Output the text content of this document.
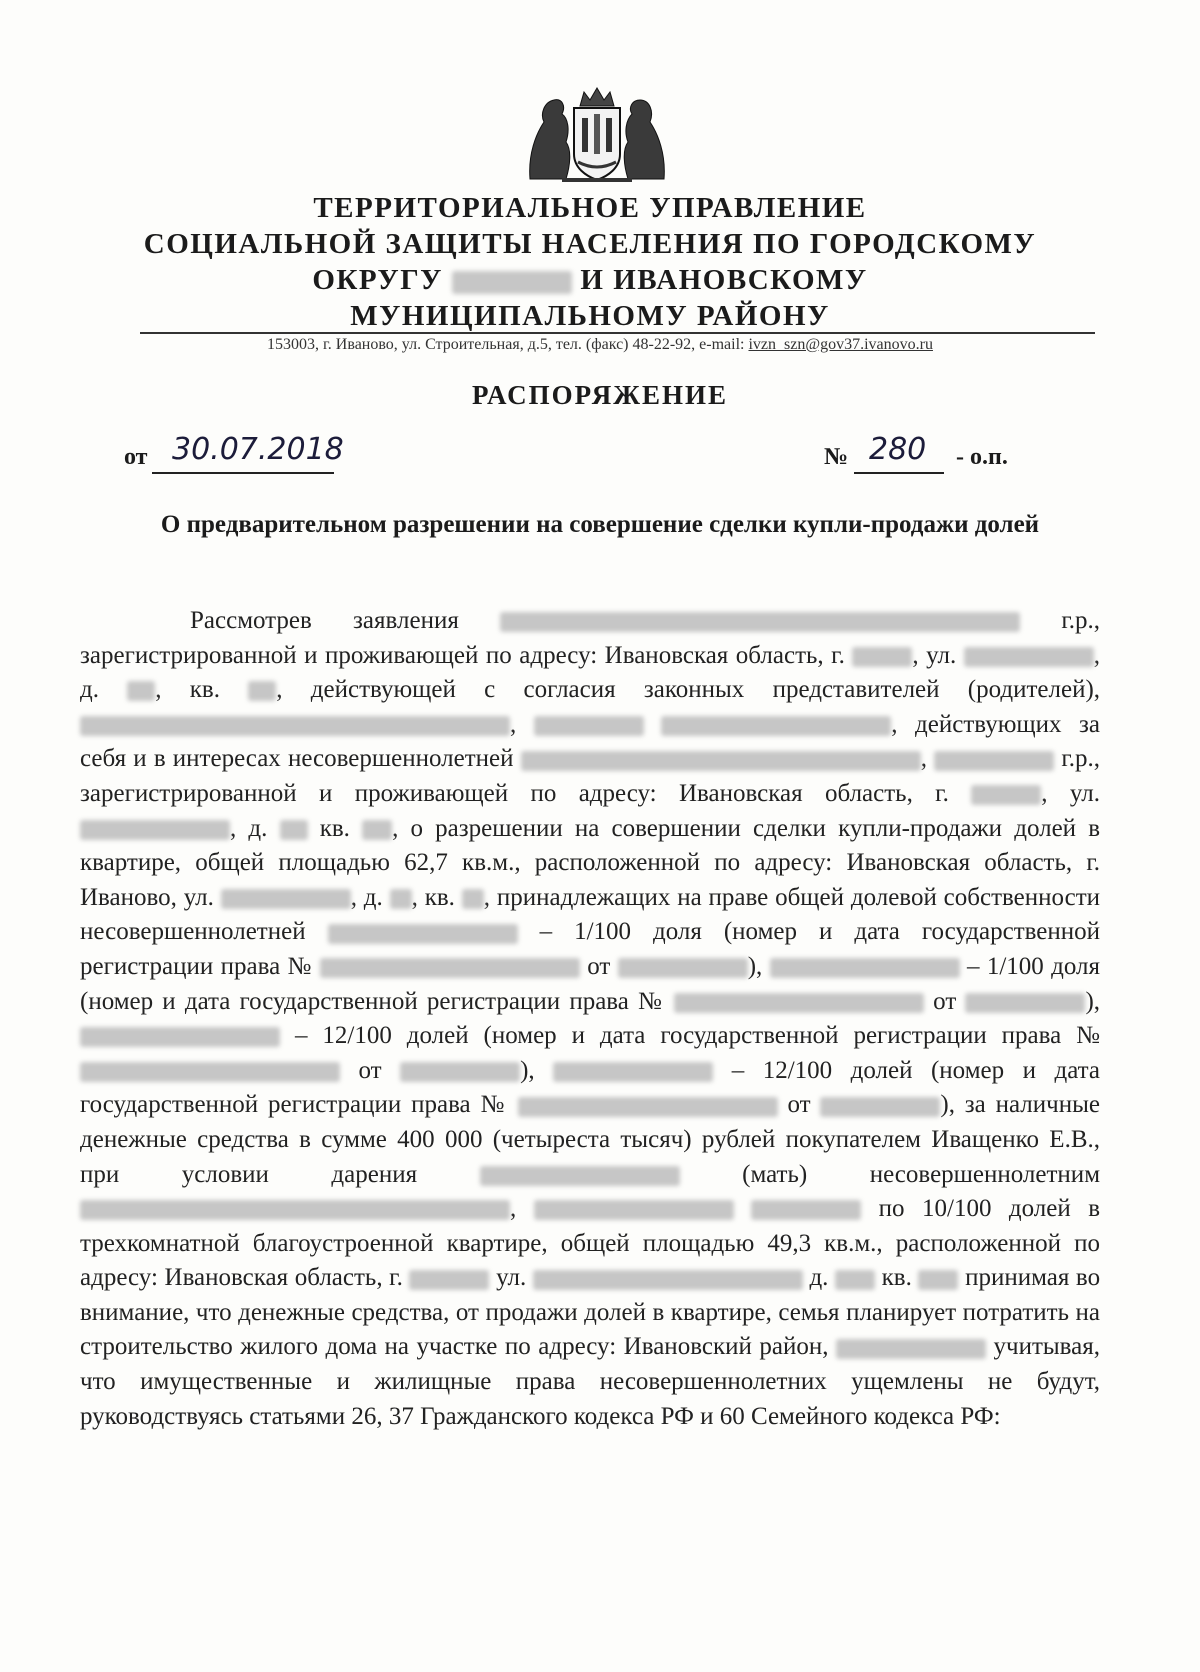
ТЕРРИТОРИАЛЬНОЕ УПРАВЛЕНИЕ
СОЦИАЛЬНОЙ ЗАЩИТЫ НАСЕЛЕНИЯ ПО ГОРОДСКОМУ
ОКРУГУ	И ИВАНОВСКОМУ
МУНИЦИПАЛЬНОМУ РАЙОНУ
153003, г. Иваново, ул. Строительная, д.5, тел. (факс) 48-22-92, e-mail: ivzn_szn@gov37.ivanovo.ru
РАСПОРЯЖЕНИЕ
от 30.07.2018	№ 280 - о.п.
О предварительном разрешении на совершение сделки купли-продажи долей
Рассмотрев заявления	г.р., зарегистрированной и проживающей по адресу: Ивановская область, г.	, ул.	, д. , кв. , действующей с согласия законных представителей (родителей), ,	, действующих за себя и в интересах несовершеннолетней	,	г.р., зарегистрированной и проживающей по адресу: Ивановская область, г.	, ул. , д. кв. , о разрешении на совершении сделки купли-продажи долей в квартире, общей площадью 62,7 кв.м., расположенной по адресу: Ивановская область, г. Иваново, ул.	, д. , кв. , принадлежащих на праве общей долевой собственности несовершеннолетней	– 1/100 доля (номер и дата государственной регистрации права №	от	),	– 1/100 доля (номер и дата государственной регистрации права №	от	),  – 12/100 долей (номер и дата государственной регистрации права №  от	),	– 12/100 долей (номер и дата государственной регистрации права №	от	), за наличные денежные средства в сумме 400 000 (четыреста тысяч) рублей покупателем Иващенко Е.В., при условии дарения	(мать) несовершеннолетним ,	по 10/100 долей в трехкомнатной благоустроенной квартире, общей площадью 49,3 кв.м., расположенной по адресу: Ивановская область, г.	ул.	д. кв. принимая во внимание, что денежные средства, от продажи долей в квартире, семья планирует потратить на строительство жилого дома на участке по адресу: Ивановский район,	учитывая, что имущественные и жилищные права несовершеннолетних ущемлены не будут, руководствуясь статьями 26, 37 Гражданского кодекса РФ и 60 Семейного кодекса РФ:
